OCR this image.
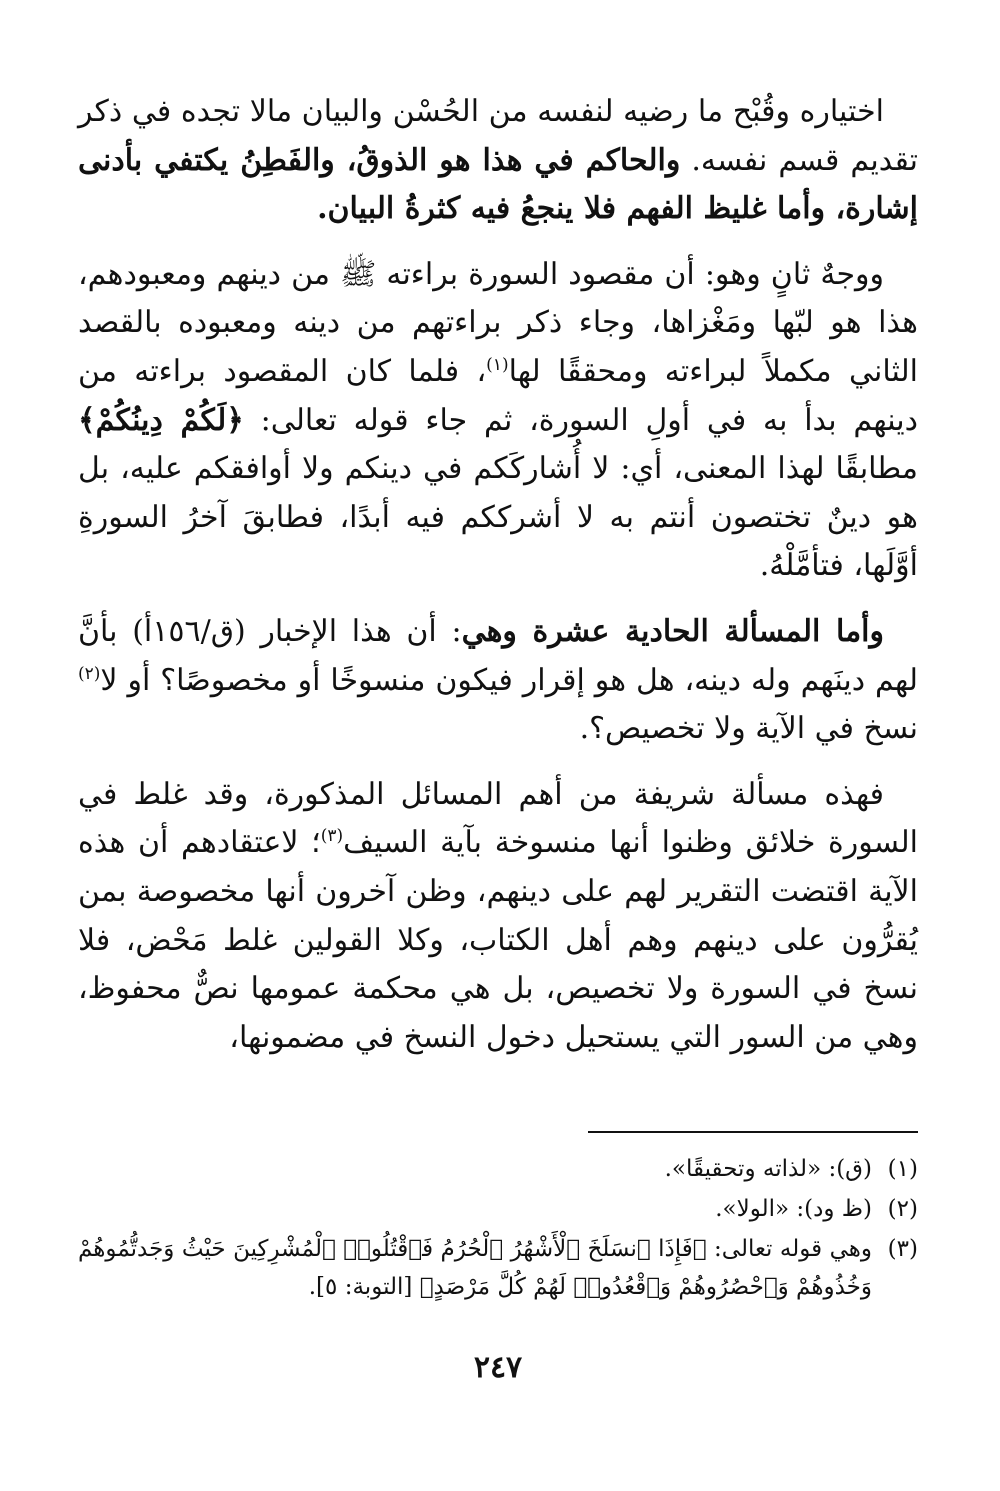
اختياره وقُبْح ما رضيه لنفسه من الحُسْن والبيان مالا تجده في ذكر تقديم قسم نفسه. والحاكم في هذا هو الذوقُ، والفَطِنُ يكتفي بأدنى إشارة، وأما غليظ الفهم فلا ينجعُ فيه كثرةُ البيان.

ووجهٌ ثانٍ وهو: أن مقصود السورة براءته ﷺ من دينهم ومعبودهم، هذا هو لبّها ومَغْزاها، وجاء ذكر براءتهم من دينه ومعبوده بالقصد الثاني مكملاً لبراءته ومحققًا لها$^{(١)}$، فلما كان المقصود براءته من دينهم بدأ به في أولِ السورة، ثم جاء قوله تعالى: ﴿لَكُمْ دِينُكُمْ﴾ مطابقًا لهذا المعنى، أي: لا أُشاركَكم في دينكم ولا أوافقكم عليه، بل هو دينٌ تختصون أنتم به لا أشرككم فيه أبدًا، فطابقَ آخرُ السورةِ أوَّلَها، فتأمَّلْهُ.

وأما المسألة الحادية عشرة وهي: أن هذا الإخبار (ق/١٥٦أ) بأنَّ لهم دينَهم وله دينه، هل هو إقرار فيكون منسوخًا أو مخصوصًا؟ أو لا$^{(٢)}$ نسخ في الآية ولا تخصيص؟.

فهذه مسألة شريفة من أهم المسائل المذكورة، وقد غلط في السورة خلائق وظنوا أنها منسوخة بآية السيف$^{(٣)}$؛ لاعتقادهم أن هذه الآية اقتضت التقرير لهم على دينهم، وظن آخرون أنها مخصوصة بمن يُقرُّون على دينهم وهم أهل الكتاب، وكلا القولين غلط مَحْض، فلا نسخ في السورة ولا تخصيص، بل هي محكمة عمومها نصٌّ محفوظ، وهي من السور التي يستحيل دخول النسخ في مضمونها،

(١)
(ق): «لذاته وتحقيقًا».
(٢)
(ظ ود): «الولا».
(٣)
وهي قوله تعالى: ﴿فَإِذَا ٱنسَلَخَ ٱلْأَشْهُرُ ٱلْحُرُمُ فَٱقْتُلُوا۟ ٱلْمُشْرِكِينَ حَيْثُ وَجَدتُّمُوهُمْ وَخُذُوهُمْ وَٱحْصُرُوهُمْ وَٱقْعُدُوا۟ لَهُمْ كُلَّ مَرْصَدٍ﴾ [التوبة: ٥].
٢٤٧
